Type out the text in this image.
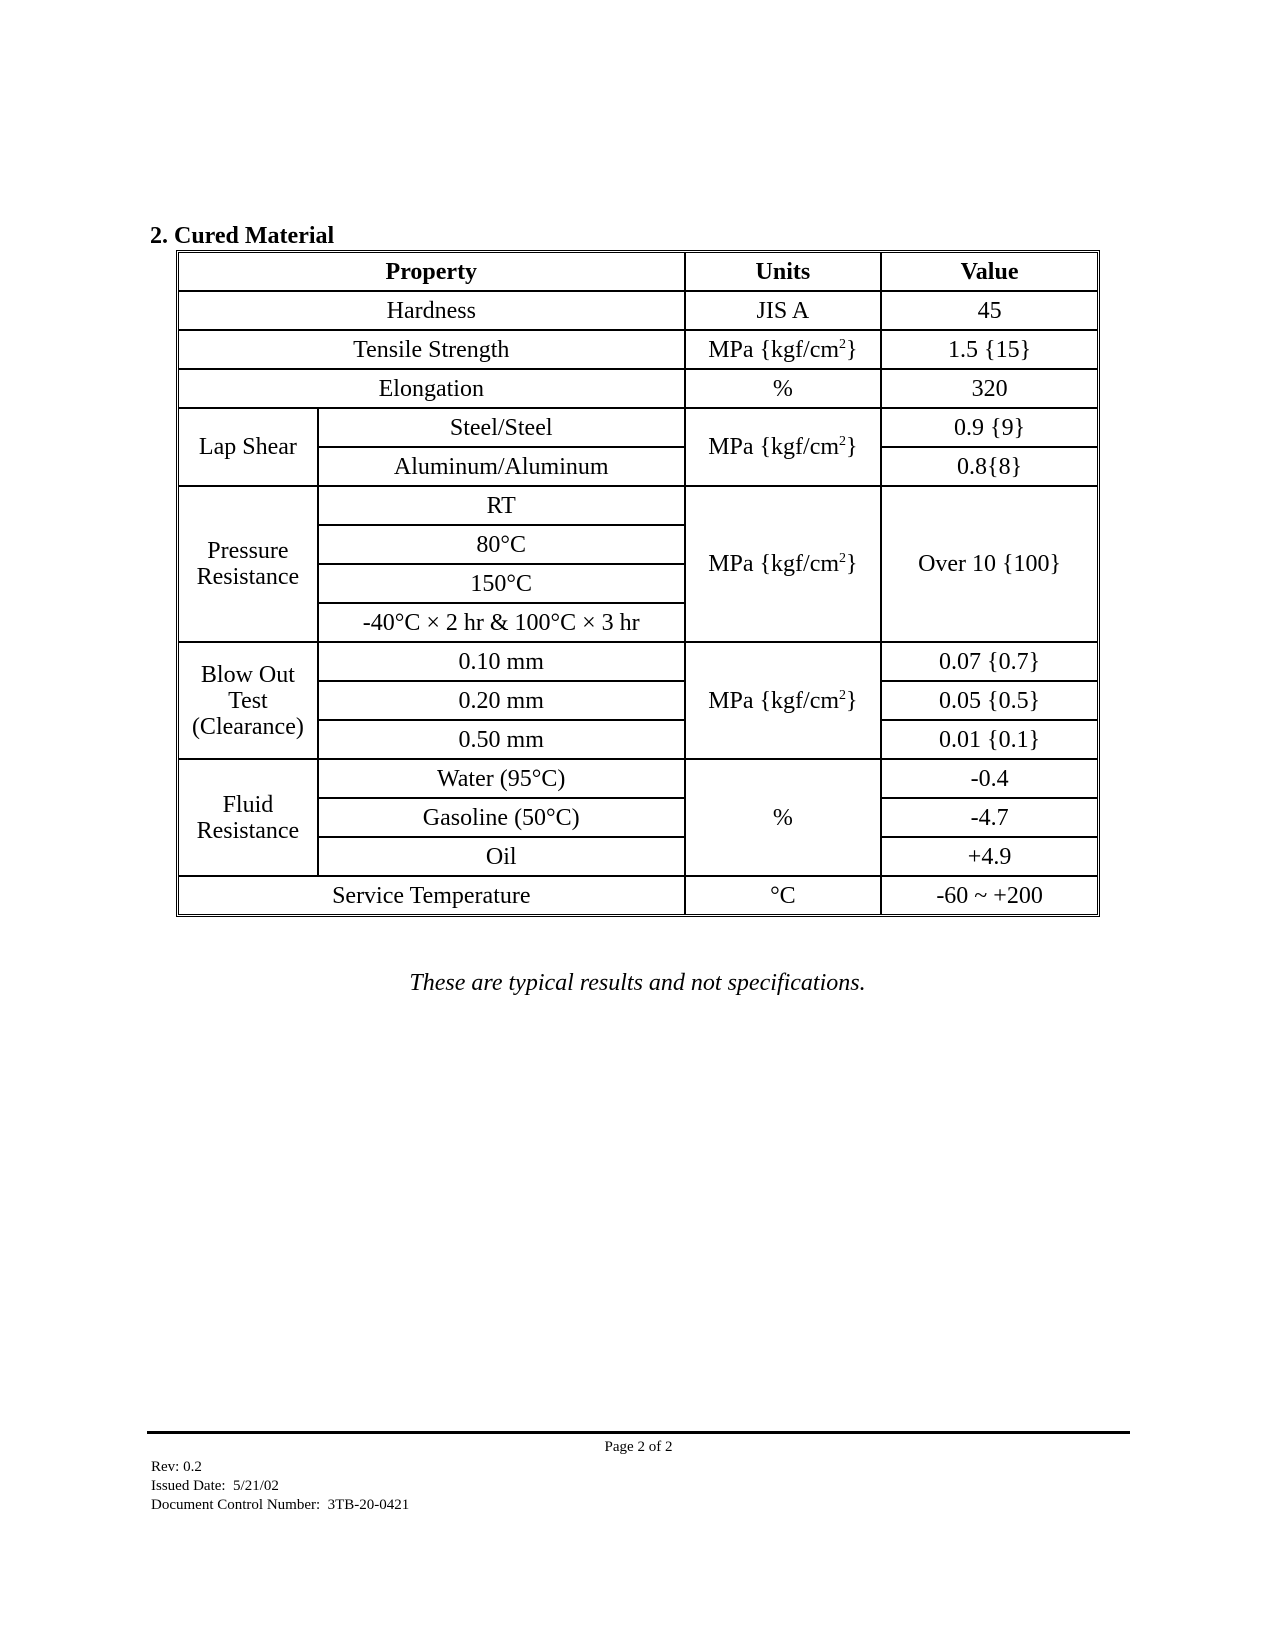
2. Cured Material
Property		Units	Value
Hardness		JIS A	45
Tensile Strength		MPa $\{kgf/cm^2\}$	1.5 {15}
Elongation		%	320
Lap Shear	Steel/Steel	MPa $\{kgf/cm^2\}$	0.9 {9}
	Aluminum/Aluminum		0.8{8}
Pressure
Resistance	RT	MPa $\{kgf/cm^2\}$	Over 10 {100}
	80°C		
	150°C		
	-40°C × 2 hr & 100°C × 3 hr		
Blow Out
Test
(Clearance)	0.10 mm	MPa $\{kgf/cm^2\}$	0.07 {0.7}
	0.20 mm		0.05 {0.5}
	0.50 mm		0.01 {0.1}
Fluid
Resistance	Water (95°C)	%	-0.4
	Gasoline (50°C)		-4.7
	Oil		+4.9
Service Temperature		°C	-60 ~ +200

These are typical results and not specifications.

Page 2 of 2
Rev: 0.2
Issued Date:  5/21/02
Document Control Number:  3TB-20-0421
